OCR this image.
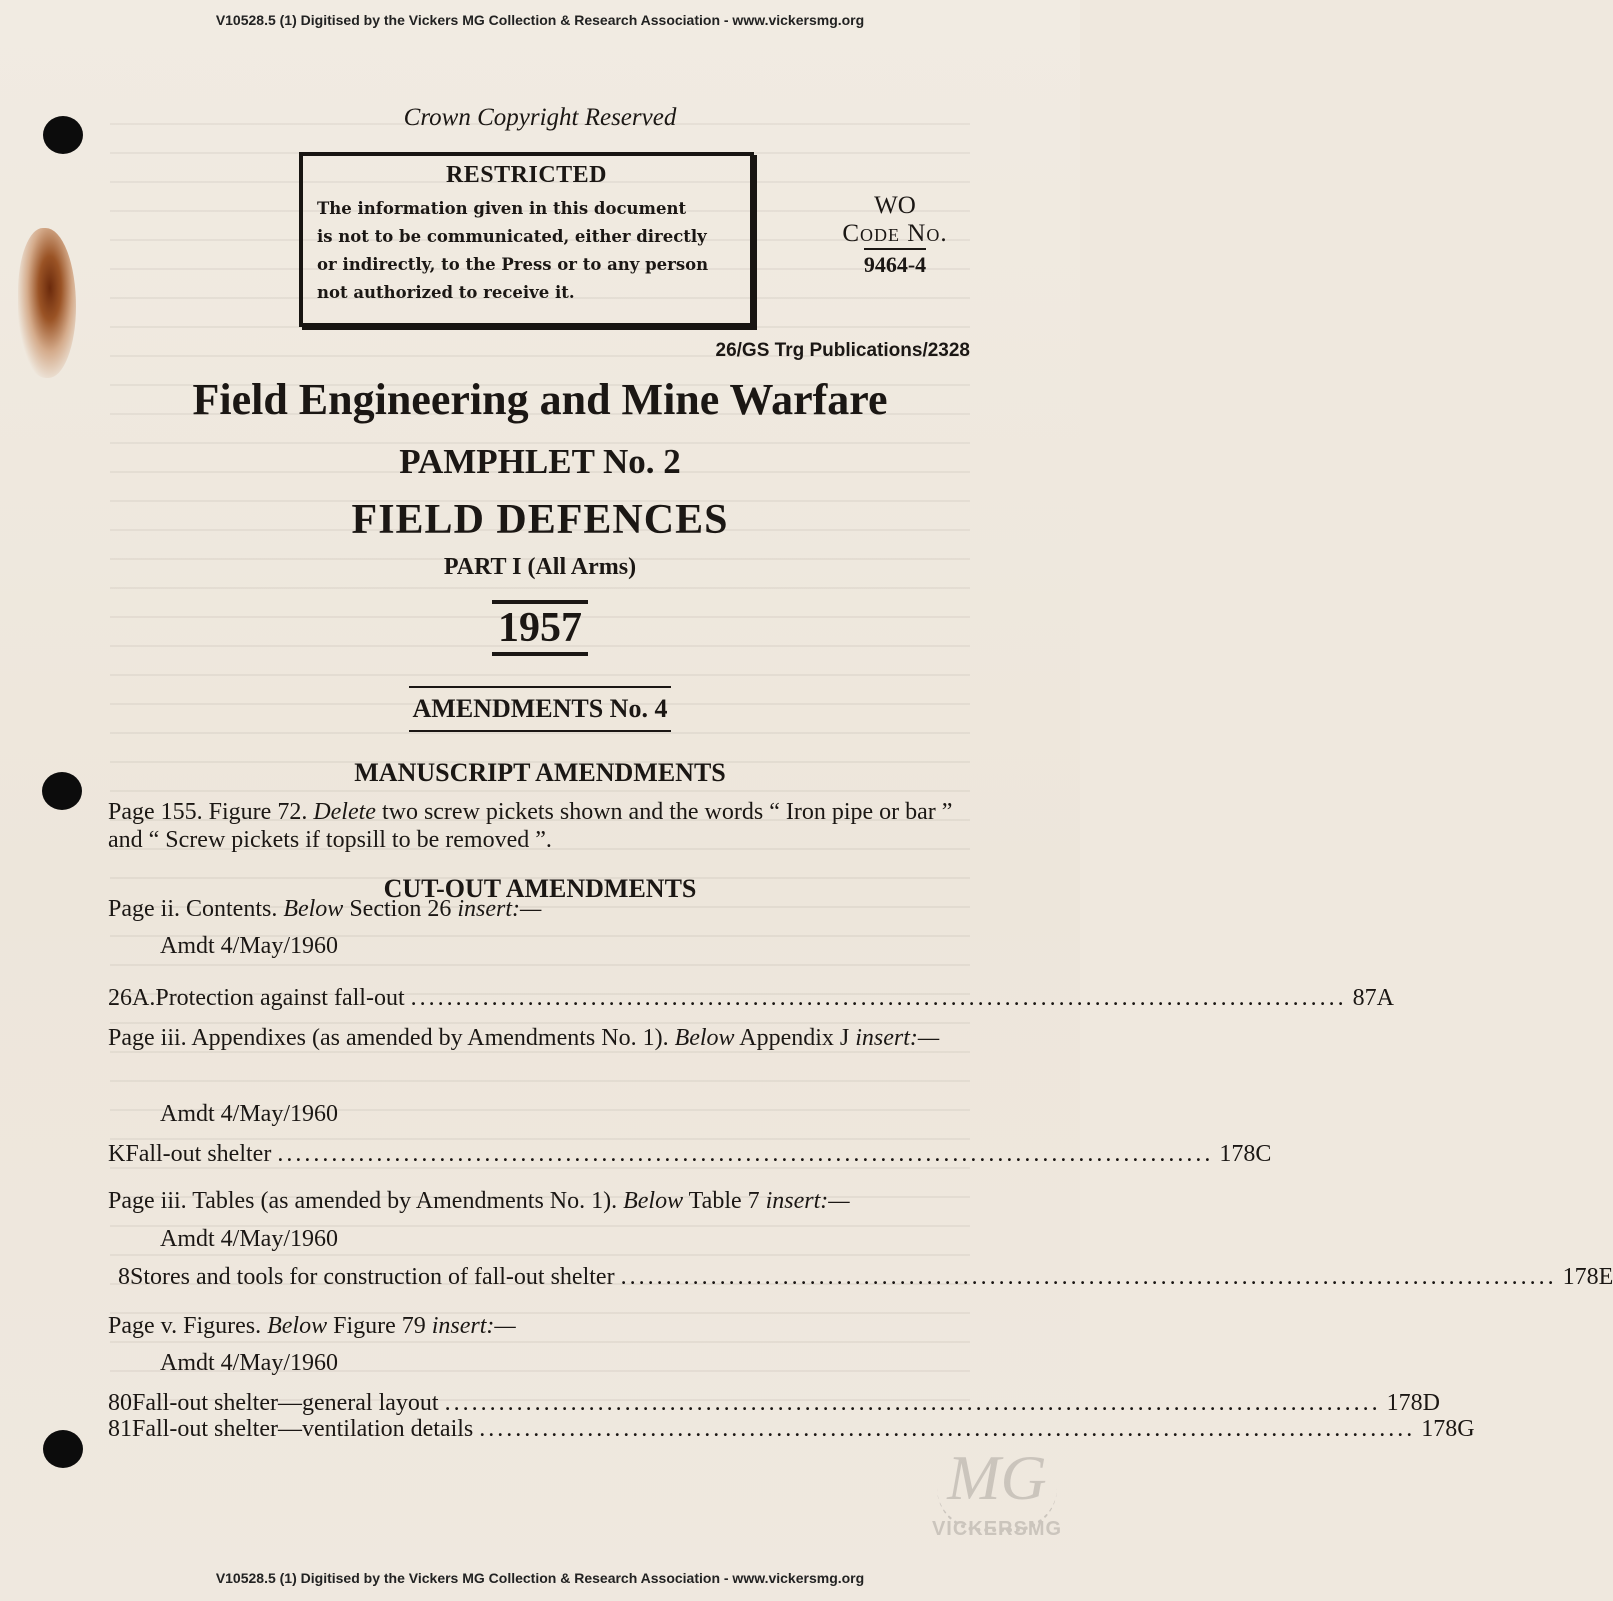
V10528.5 (1) Digitised by the Vickers MG Collection & Research Association - www.vickersmg.org
Crown Copyright Reserved
RESTRICTED
The information given in this document
is not to be communicated, either directly
or indirectly, to the Press or to any person
not authorized to receive it.
WO
Code No.
9464-4
26/GS Trg Publications/2328
Field Engineering and Mine Warfare
PAMPHLET No. 2
FIELD DEFENCES
PART I (All Arms)
1957
AMENDMENTS No. 4
MANUSCRIPT AMENDMENTS
Page 155. Figure 72. Delete two screw pickets shown and the words “ Iron pipe or bar ” and “ Screw pickets if topsill to be removed ”.
CUT-OUT AMENDMENTS
Page ii. Contents. Below Section 26 insert:—
Amdt 4/May/1960
26A. Protection against fall-out ........................................................................................................ 87A
Page iii. Appendixes (as amended by Amendments No. 1). Below Appendix J insert:—
Amdt 4/May/1960
K Fall-out shelter ........................................................................................................ 178C
Page iii. Tables (as amended by Amendments No. 1). Below Table 7 insert:—
Amdt 4/May/1960
8 Stores and tools for construction of fall-out shelter ........................................................................................................ 178E
Page v. Figures. Below Figure 79 insert:—
Amdt 4/May/1960
80 Fall-out shelter—general layout ........................................................................................................ 178D
81 Fall-out shelter—ventilation details ........................................................................................................ 178G
MG
VICKERSMG
V10528.5 (1) Digitised by the Vickers MG Collection & Research Association - www.vickersmg.org
